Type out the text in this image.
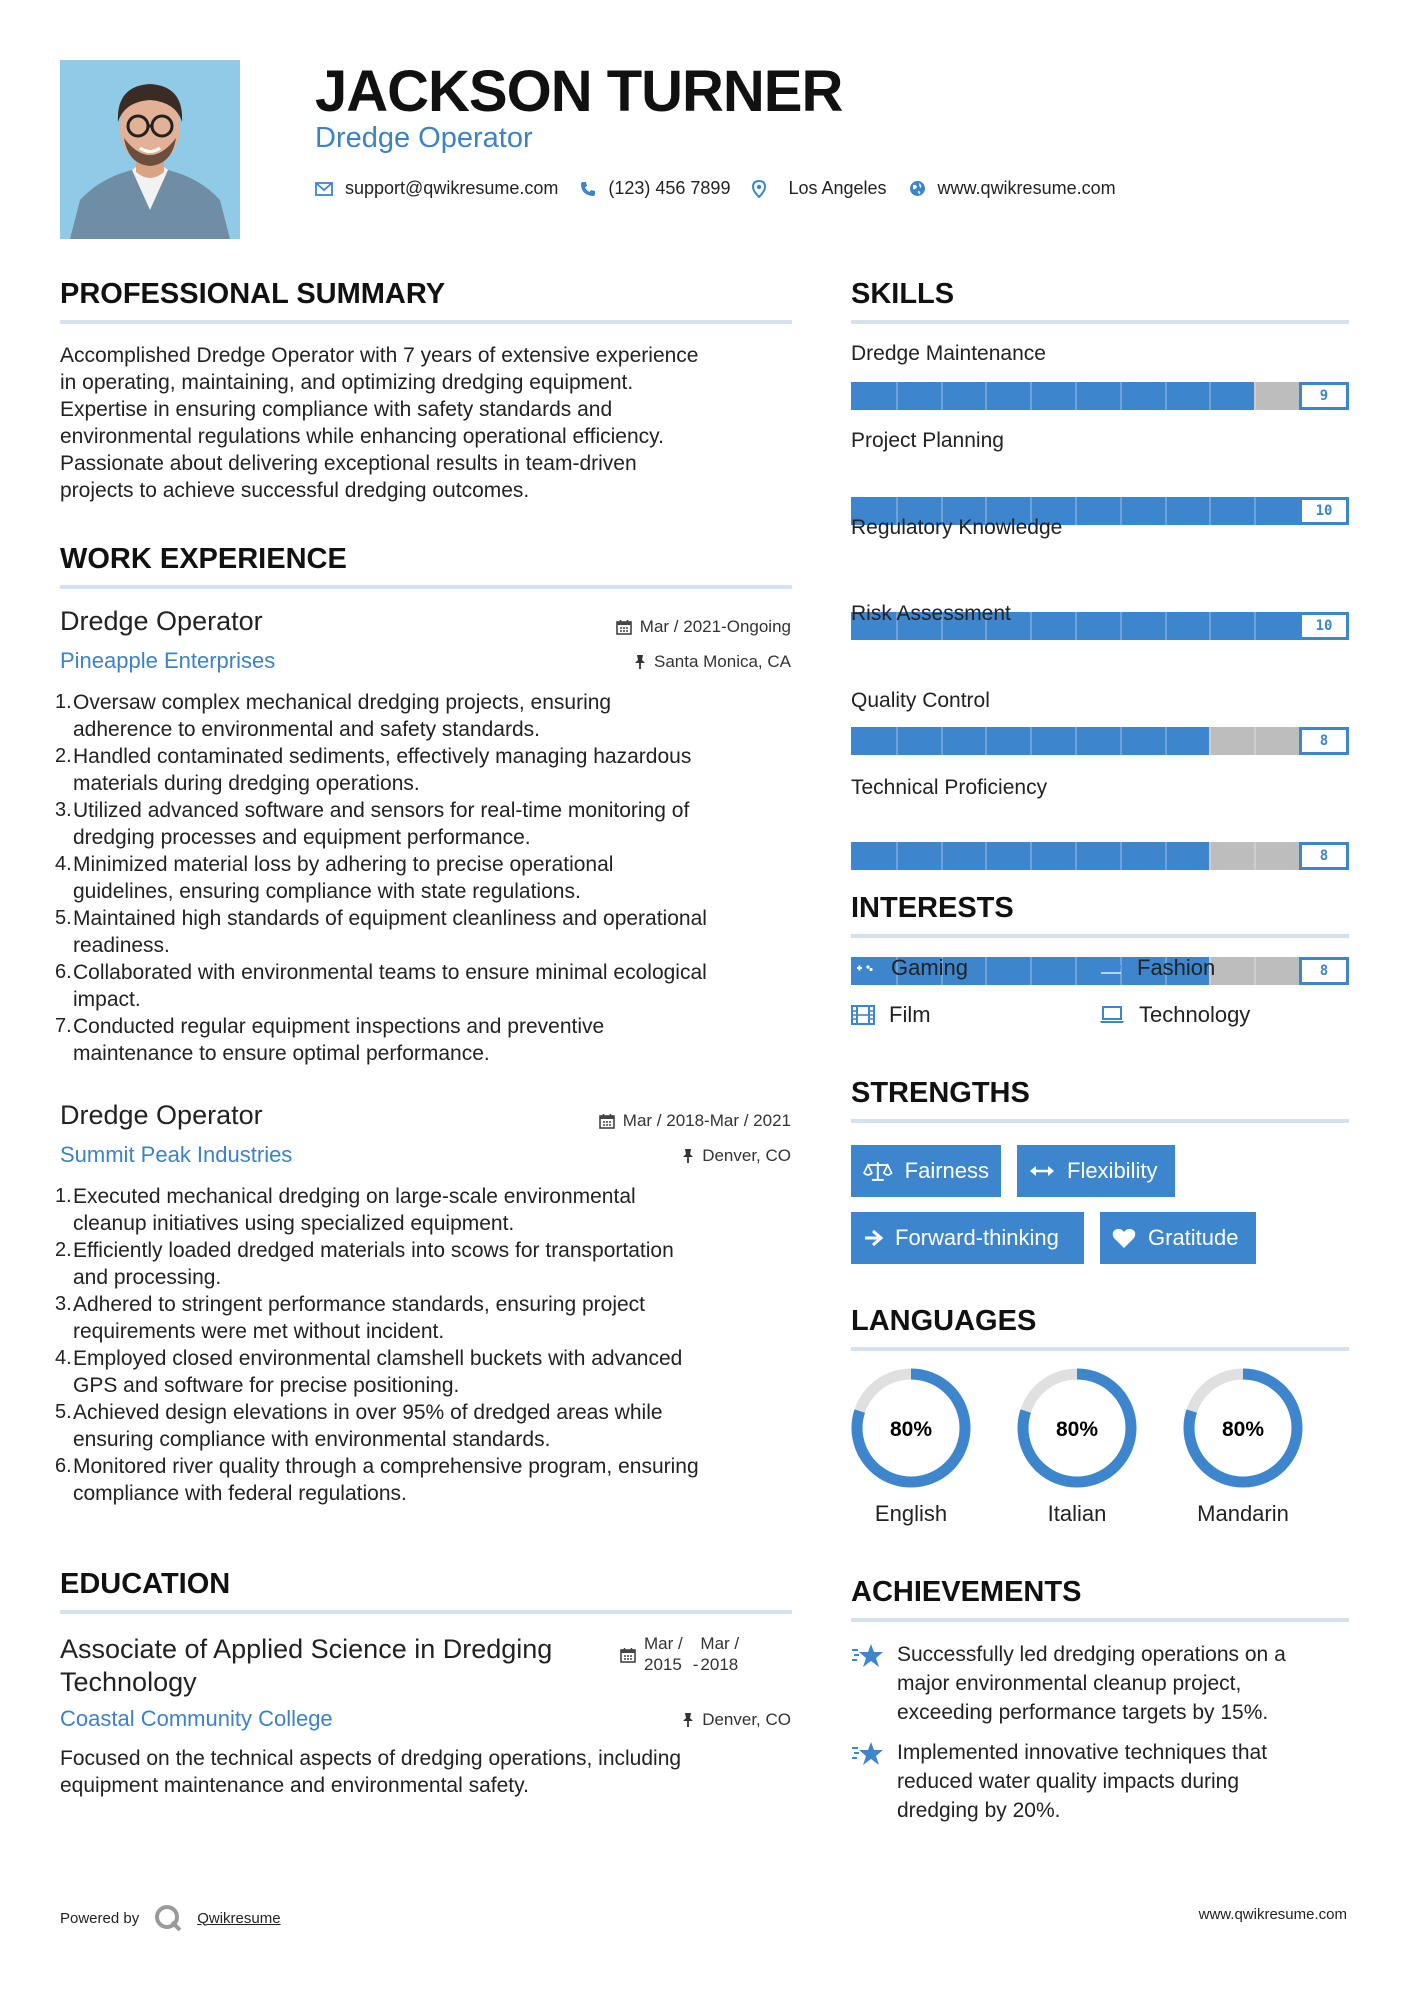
JACKSON TURNER
Dredge Operator
support@qwikresume.com	(123) 456 7899	Los Angeles	www.qwikresume.com
PROFESSIONAL SUMMARY
Accomplished Dredge Operator with 7 years of extensive experience
in operating, maintaining, and optimizing dredging equipment.
Expertise in ensuring compliance with safety standards and
environmental regulations while enhancing operational efficiency.
Passionate about delivering exceptional results in team-driven
projects to achieve successful dredging outcomes.
WORK EXPERIENCE
Dredge Operator
Pineapple Enterprises
Mar / 2021-Ongoing
Santa Monica, CA
1. Oversaw complex mechanical dredging projects, ensuring
adherence to environmental and safety standards.
2. Handled contaminated sediments, effectively managing hazardous
materials during dredging operations.
3. Utilized advanced software and sensors for real-time monitoring of
dredging processes and equipment performance.
4. Minimized material loss by adhering to precise operational
guidelines, ensuring compliance with state regulations.
5. Maintained high standards of equipment cleanliness and operational
readiness.
6. Collaborated with environmental teams to ensure minimal ecological
impact.
7. Conducted regular equipment inspections and preventive
maintenance to ensure optimal performance.
Dredge Operator
Summit Peak Industries
Mar / 2018-Mar / 2021
Denver, CO
1. Executed mechanical dredging on large-scale environmental
cleanup initiatives using specialized equipment.
2. Efficiently loaded dredged materials into scows for transportation
and processing.
3. Adhered to stringent performance standards, ensuring project
requirements were met without incident.
4. Employed closed environmental clamshell buckets with advanced
GPS and software for precise positioning.
5. Achieved design elevations in over 95% of dredged areas while
ensuring compliance with environmental standards.
6. Monitored river quality through a comprehensive program, ensuring
compliance with federal regulations.
EDUCATION
Associate of Applied Science in Dredging
Technology
Mar /
2015 -
Mar /
2018
Coastal Community College	Denver, CO
Focused on the technical aspects of dredging operations, including
equipment maintenance and environmental safety.
SKILLS
Dredge Maintenance
9
Project Planning
10
Regulatory Knowledge
10
Risk Assessment
8
Quality Control
8
Technical Proficiency
8
INTERESTS
Gaming	Fashion
Film	Technology
STRENGTHS
Fairness	Flexibility
Forward-thinking	Gratitude
LANGUAGES
80%
English
80%
Italian
80%
Mandarin
ACHIEVEMENTS
Successfully led dredging operations on a
major environmental cleanup project,
exceeding performance targets by 15%.
Implemented innovative techniques that
reduced water quality impacts during
dredging by 20%.
Powered by	Qwikresume	www.qwikresume.com
